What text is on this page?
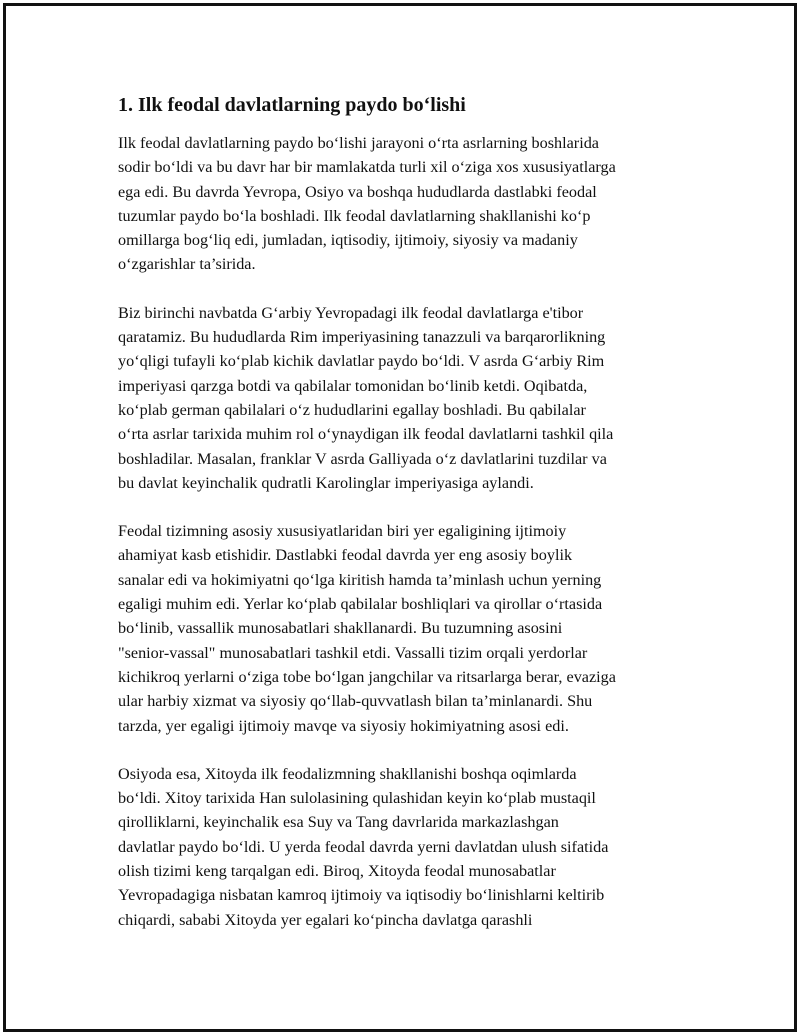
1. Ilk feodal davlatlarning paydo bo‘lishi
Ilk feodal davlatlarning paydo bo‘lishi jarayoni o‘rta asrlarning boshlarida
sodir bo‘ldi va bu davr har bir mamlakatda turli xil o‘ziga xos xususiyatlarga
ega edi. Bu davrda Yevropa, Osiyo va boshqa hududlarda dastlabki feodal
tuzumlar paydo bo‘la boshladi. Ilk feodal davlatlarning shakllanishi ko‘p
omillarga bog‘liq edi, jumladan, iqtisodiy, ijtimoiy, siyosiy va madaniy
o‘zgarishlar ta’sirida.
Biz birinchi navbatda G‘arbiy Yevropadagi ilk feodal davlatlarga e'tibor
qaratamiz. Bu hududlarda Rim imperiyasining tanazzuli va barqarorlikning
yo‘qligi tufayli ko‘plab kichik davlatlar paydo bo‘ldi. V asrda G‘arbiy Rim
imperiyasi qarzga botdi va qabilalar tomonidan bo‘linib ketdi. Oqibatda,
ko‘plab german qabilalari o‘z hududlarini egallay boshladi. Bu qabilalar
o‘rta asrlar tarixida muhim rol o‘ynaydigan ilk feodal davlatlarni tashkil qila
boshladilar. Masalan, franklar V asrda Galliyada o‘z davlatlarini tuzdilar va
bu davlat keyinchalik qudratli Karolinglar imperiyasiga aylandi.
Feodal tizimning asosiy xususiyatlaridan biri yer egaligining ijtimoiy
ahamiyat kasb etishidir. Dastlabki feodal davrda yer eng asosiy boylik
sanalar edi va hokimiyatni qo‘lga kiritish hamda ta’minlash uchun yerning
egaligi muhim edi. Yerlar ko‘plab qabilalar boshliqlari va qirollar o‘rtasida
bo‘linib, vassallik munosabatlari shakllanardi. Bu tuzumning asosini
"senior-vassal" munosabatlari tashkil etdi. Vassalli tizim orqali yerdorlar
kichikroq yerlarni o‘ziga tobe bo‘lgan jangchilar va ritsarlarga berar, evaziga
ular harbiy xizmat va siyosiy qo‘llab-quvvatlash bilan ta’minlanardi. Shu
tarzda, yer egaligi ijtimoiy mavqe va siyosiy hokimiyatning asosi edi.
Osiyoda esa, Xitoyda ilk feodalizmning shakllanishi boshqa oqimlarda
bo‘ldi. Xitoy tarixida Han sulolasining qulashidan keyin ko‘plab mustaqil
qirolliklarni, keyinchalik esa Suy va Tang davrlarida markazlashgan
davlatlar paydo bo‘ldi. U yerda feodal davrda yerni davlatdan ulush sifatida
olish tizimi keng tarqalgan edi. Biroq, Xitoyda feodal munosabatlar
Yevropadagiga nisbatan kamroq ijtimoiy va iqtisodiy bo‘linishlarni keltirib
chiqardi, sababi Xitoyda yer egalari ko‘pincha davlatga qarashli
